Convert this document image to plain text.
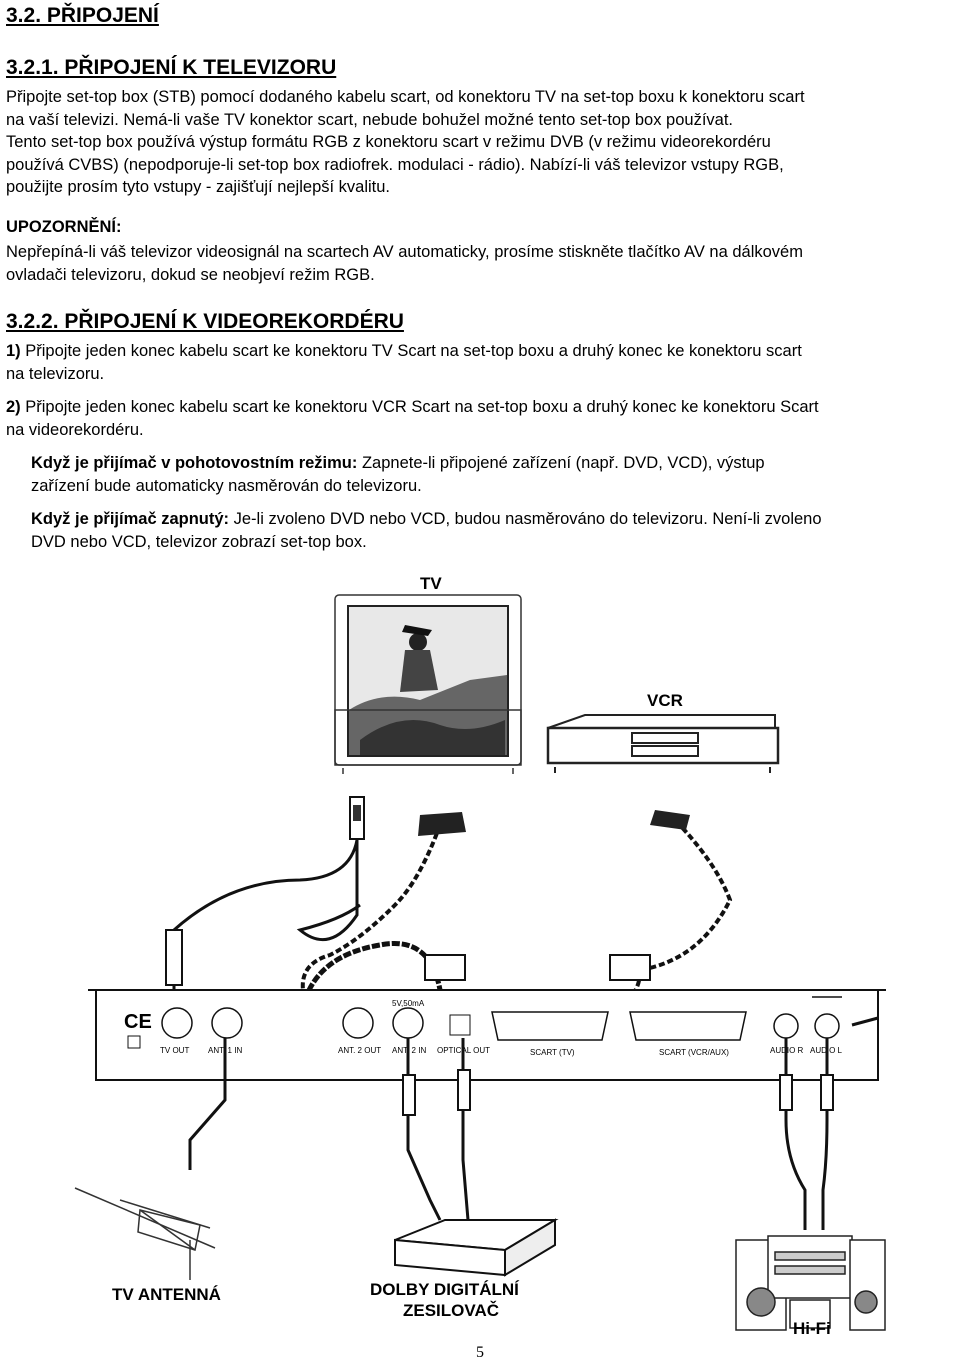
3.2. PŘIPOJENÍ
3.2.1. PŘIPOJENÍ K TELEVIZORU
Připojte set-top box (STB) pomocí dodaného kabelu scart, od konektoru TV na set-top boxu k konektoru scart
na vaší televizi. Nemá-li vaše TV konektor scart, nebude bohužel možné tento set-top box používat.
Tento set-top box používá výstup formátu RGB z konektoru scart v režimu DVB (v režimu videorekordéru
používá CVBS) (nepodporuje-li set-top box radiofrek. modulaci - rádio). Nabízí-li váš televizor vstupy RGB,
použijte prosím tyto vstupy - zajišťují nejlepší kvalitu.
UPOZORNĚNÍ:
Nepřepíná-li váš televizor videosignál na scartech AV automaticky, prosíme stiskněte tlačítko AV na dálkovém
ovladači televizoru, dokud se neobjeví režim RGB.
3.2.2. PŘIPOJENÍ K VIDEOREKORDÉRU
1) Připojte jeden konec kabelu scart ke konektoru TV Scart na set-top boxu a druhý konec ke konektoru scart
na televizoru.
2) Připojte jeden konec kabelu scart ke konektoru VCR Scart na set-top boxu a druhý konec ke konektoru Scart
na videorekordéru.
Když je přijímač v pohotovostním režimu: Zapnete-li připojené zařízení (např. DVD, VCD), výstup
zařízení bude automaticky nasměrován do televizoru.
Když je přijímač zapnutý: Je-li zvoleno DVD nebo VCD, budou nasměrováno do televizoru. Není-li zvoleno
DVD nebo VCD, televizor zobrazí set-top box.
TV
VCR
5V,50mA
CE
TV OUT ANT. 1 IN	ANT. 2 OUT ANT. 2 IN OPTICAL OUT	SCART (TV)	SCART (VCR/AUX)	AUDIO R AUDIO L
TV ANTENNÁ	DOLBY DIGITÁLNÍ
ZESILOVAČ
Hi-Fi
5
